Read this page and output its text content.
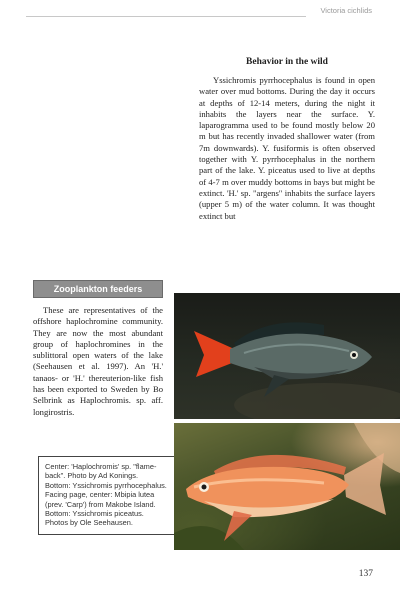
Victoria cichlids
Behavior in the wild

Yssichromis pyrrhocephalus is found in open water over mud bottoms. During the day it occurs at depths of 12-14 meters, during the night it inhabits the layers near the surface. Y. laparogramma used to be found mostly below 20 m but has recently invaded shallower water (from 7m downwards). Y. fusiformis is often observed together with Y. pyrrhocephalus in the northern part of the lake. Y. piceatus used to live at depths of 4-7 m over muddy bottoms in bays but might be extinct. 'H.' sp. "argens" inhabits the surface layers (upper 5 m) of the water column. It was thought extinct but

Zooplankton feeders

These are representatives of the offshore haplochromine community. They are now the most abundant group of haplochromines in the sublittoral open waters of the lake (Seehausen et al. 1997). An 'H.' tanaos- or 'H.' thereuterion-like fish has been exported to Sweden by Bo Selbrink as Haplochromis. sp. aff. longirostris.

Center: 'Haplochromis' sp. "flame-back". Photo by Ad Konings.
Bottom: Yssichromis pyrrhocephalus.
Facing page, center: Mbipia lutea (prev. 'Carp') from Makobe Island.
Bottom: Yssichromis piceatus.
Photos by Ole Seehausen.
137
